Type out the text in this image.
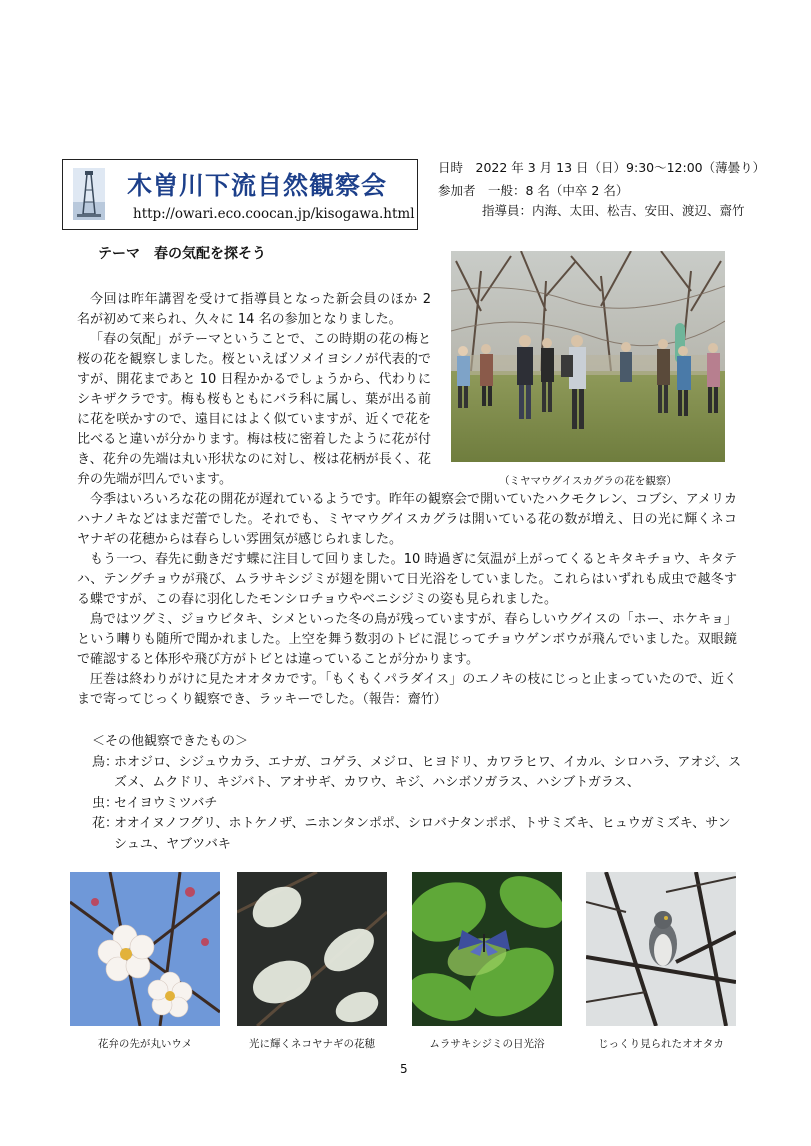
木曽川下流自然観察会
http://owari.eco.coocan.jp/kisogawa.html
日時　2022 年 3 月 13 日（日）9:30～12:00（薄曇り）
参加者　一般：8 名（中卒 2 名）
指導員：内海、太田、松吉、安田、渡辺、齋竹
テーマ　春の気配を探そう

今回は昨年講習を受けて指導員となった新会員のほか 2 名が初めて来られ、久々に 14 名の参加となりました。

「春の気配」がテーマということで、この時期の花の梅と桜の花を観察しました。桜といえばソメイヨシノが代表的ですが、開花まであと 10 日程かかるでしょうから、代わりにシキザクラです。梅も桜もともにバラ科に属し、葉が出る前に花を咲かすので、遠目にはよく似ていますが、近くで花を比べると違いが分かります。梅は枝に密着したように花が付き、花弁の先端は丸い形状なのに対し、桜は花柄が長く、花弁の先端が凹んでいます。	（ミヤマウグイスカグラの花を観察）

今季はいろいろな花の開花が遅れているようです。昨年の観察会で開いていたハクモクレン、コブシ、アメリカハナノキなどはまだ蕾でした。それでも、ミヤマウグイスカグラは開いている花の数が増え、日の光に輝くネコヤナギの花穂からは春らしい雰囲気が感じられました。

もう一つ、春先に動きだす蝶に注目して回りました。10 時過ぎに気温が上がってくるとキタキチョウ、キタテハ、テングチョウが飛び、ムラサキシジミが翅を開いて日光浴をしていました。これらはいずれも成虫で越冬する蝶ですが、この春に羽化したモンシロチョウやベニシジミの姿も見られました。

鳥ではツグミ、ジョウビタキ、シメといった冬の鳥が残っていますが、春らしいウグイスの「ホー、ホケキョ」という囀りも随所で聞かれました。上空を舞う数羽のトビに混じってチョウゲンボウが飛んでいました。双眼鏡で確認すると体形や飛び方がトビとは違っていることが分かります。

圧巻は終わりがけに見たオオタカです。「もくもくパラダイス」のエノキの枝にじっと止まっていたので、近くまで寄ってじっくり観察でき、ラッキーでした。（報告：齋竹）

＜その他観察できたもの＞
鳥：
ホオジロ、シジュウカラ、エナガ、コゲラ、メジロ、ヒヨドリ、カワラヒワ、イカル、シロハラ、アオジ、スズメ、ムクドリ、キジバト、アオサギ、カワウ、キジ、ハシボソガラス、ハシブトガラス、
虫：
セイヨウミツバチ
花：
オオイヌノフグリ、ホトケノザ、ニホンタンポポ、シロバナタンポポ、トサミズキ、ヒュウガミズキ、サンシュユ、ヤブツバキ
花弁の先が丸いウメ	光に輝くネコヤナギの花穂	ムラサキシジミの日光浴	じっくり見られたオオタカ
5
